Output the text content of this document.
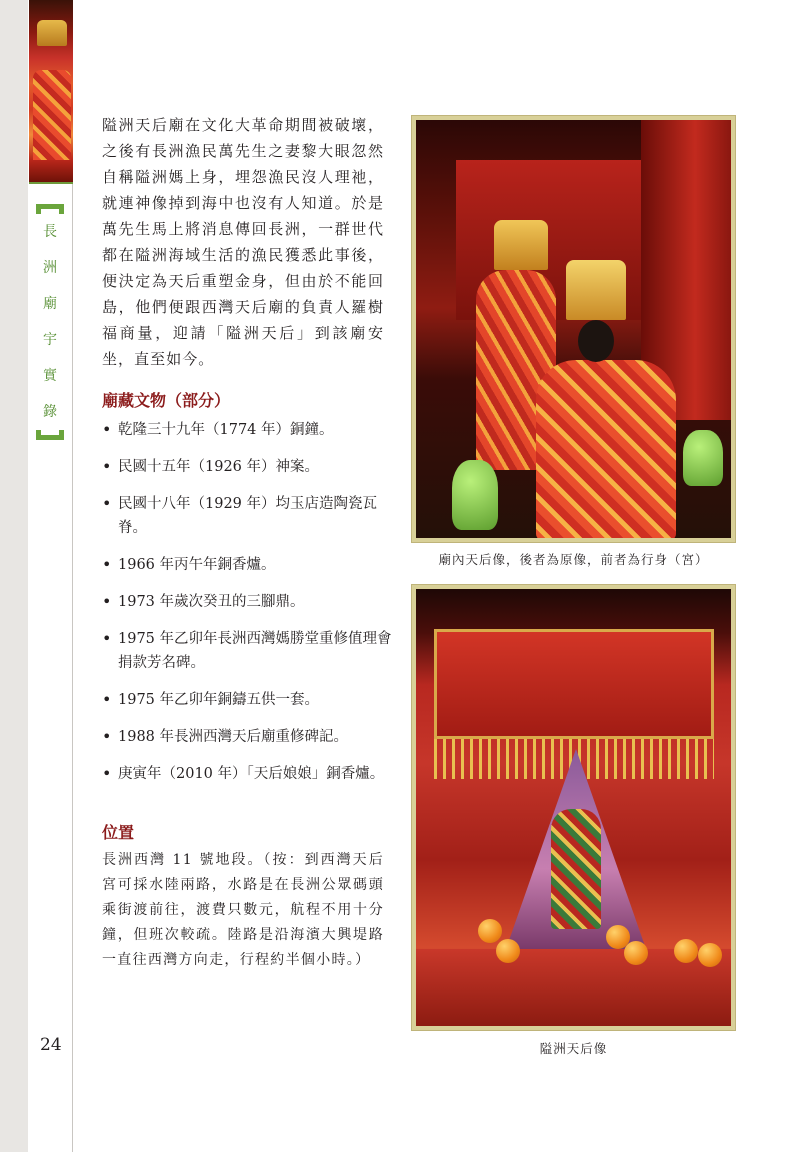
長
洲
廟
宇
實
錄
24

隘洲天后廟在文化大革命期間被破壞，之後有長洲漁民萬先生之妻黎大眼忽然自稱隘洲媽上身，埋怨漁民沒人理祂，就連神像掉到海中也沒有人知道。於是萬先生馬上將消息傳回長洲，一群世代都在隘洲海域生活的漁民獲悉此事後，便決定為天后重塑金身，但由於不能回島，他們便跟西灣天后廟的負責人羅樹福商量，迎請「隘洲天后」到該廟安坐，直至如今。

廟藏文物（部分）
• 乾隆三十九年（1774 年）銅鐘。
• 民國十五年（1926 年）神案。
• 民國十八年（1929 年）均玉店造陶瓷瓦脊。
• 1966 年丙午年銅香爐。
• 1973 年歲次癸丑的三腳鼎。
• 1975 年乙卯年長洲西灣媽勝堂重修值理會捐款芳名碑。
• 1975 年乙卯年銅鑄五供一套。
• 1988 年長洲西灣天后廟重修碑記。
• 庚寅年（2010 年）「天后娘娘」銅香爐。
位置

長洲西灣 11 號地段。（按：到西灣天后宮可採水陸兩路，水路是在長洲公眾碼頭乘街渡前往，渡費只數元，航程不用十分鐘，但班次較疏。陸路是沿海濱大興堤路一直往西灣方向走，行程約半個小時。）

廟內天后像，後者為原像，前者為行身（宮）
隘洲天后像
